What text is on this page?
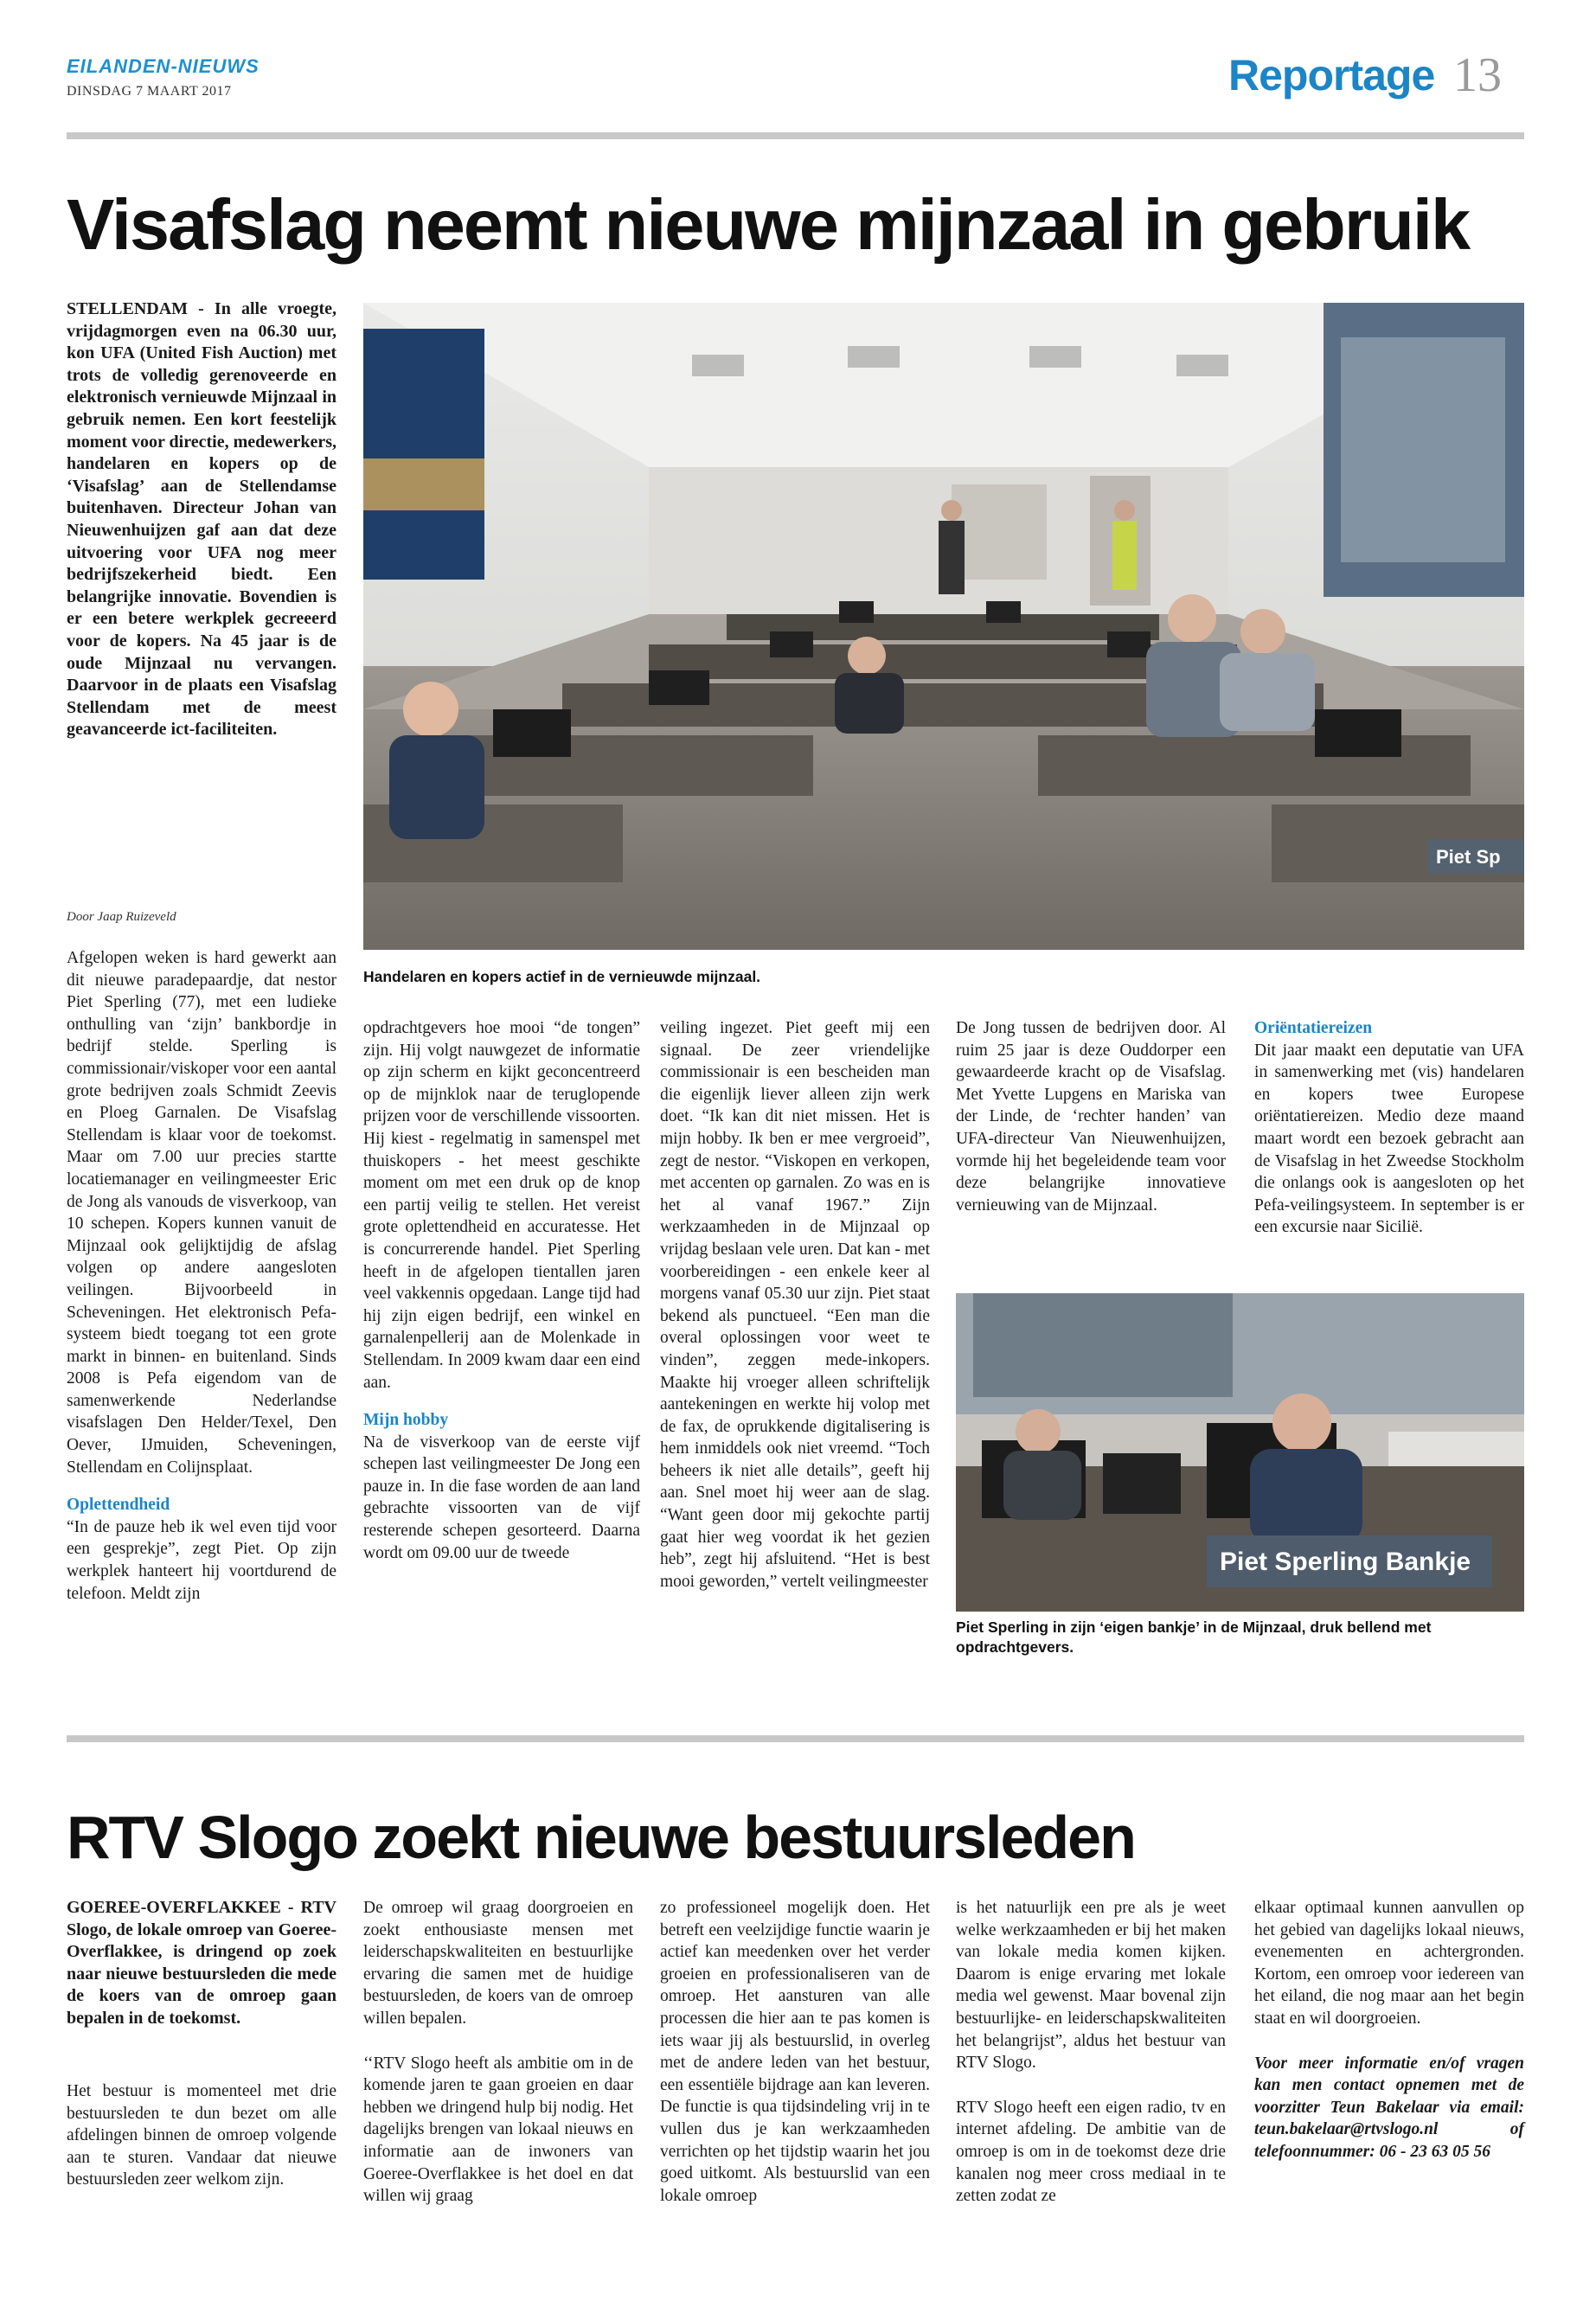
EILANDEN-NIEUWS
DINSDAG 7 MAART 2017	Reportage 13
Visafslag neemt nieuwe mijnzaal in gebruik
STELLENDAM - In alle vroegte, vrijdagmorgen even na 06.30 uur, kon UFA (United Fish Auction) met trots de volledig gerenoveerde en elektronisch vernieuwde Mijnzaal in gebruik nemen. Een kort feestelijk moment voor directie, medewerkers, handelaren en kopers op de ‘Visafslag’ aan de Stellendamse buitenhaven. Directeur Johan van Nieuwenhuijzen gaf aan dat deze uitvoering voor UFA nog meer bedrijfszekerheid biedt. Een belangrijke innovatie. Bovendien is er een betere werkplek gecreeerd voor de kopers. Na 45 jaar is de oude Mijnzaal nu vervangen. Daarvoor in de plaats een Visafslag Stellendam met de meest geavanceerde ict-faciliteiten.
Door Jaap Ruizeveld
Afgelopen weken is hard gewerkt aan dit nieuwe paradepaardje, dat nestor Piet Sperling (77), met een ludieke onthulling van ‘zijn’ bankbordje in bedrijf stelde. Sperling is commissionair/viskoper voor een aantal grote bedrijven zoals Schmidt Zeevis en Ploeg Garnalen. De Visafslag Stellendam is klaar voor de toekomst. Maar om 7.00 uur precies startte locatiemanager en veilingmeester Eric de Jong als vanouds de visverkoop, van 10 schepen. Kopers kunnen vanuit de Mijnzaal ook gelijktijdig de afslag volgen op andere aangesloten veilingen. Bijvoorbeeld in Scheveningen. Het elektronisch Pefa-systeem biedt toegang tot een grote markt in binnen- en buitenland. Sinds 2008 is Pefa eigendom van de samenwerkende Nederlandse visafslagen Den Helder/Texel, Den Oever, IJmuiden, Scheveningen, Stellendam en Colijnsplaat.
Oplettendheid
“In de pauze heb ik wel even tijd voor een gesprekje”, zegt Piet. Op zijn werkplek hanteert hij voortdurend de telefoon. Meldt zijn
Piet Sp
Handelaren en kopers actief in de vernieuwde mijnzaal.
opdrachtgevers hoe mooi “de tongen” zijn. Hij volgt nauwgezet de informatie op zijn scherm en kijkt geconcentreerd op de mijnklok naar de teruglopende prijzen voor de verschillende vissoorten. Hij kiest - regelmatig in samenspel met thuiskopers - het meest geschikte moment om met een druk op de knop een partij veilig te stellen. Het vereist grote oplettendheid en accuratesse. Het is concurrerende handel. Piet Sperling heeft in de afgelopen tientallen jaren veel vakkennis opgedaan. Lange tijd had hij zijn eigen bedrijf, een winkel en garnalenpellerij aan de Molenkade in Stellendam. In 2009 kwam daar een eind aan.
Mijn hobby
Na de visverkoop van de eerste vijf schepen last veilingmeester De Jong een pauze in. In die fase worden de aan land gebrachte vissoorten van de vijf resterende schepen gesorteerd. Daarna wordt om 09.00 uur de tweede
veiling ingezet. Piet geeft mij een signaal. De zeer vriendelijke commissionair is een bescheiden man die eigenlijk liever alleen zijn werk doet. “Ik kan dit niet missen. Het is mijn hobby. Ik ben er mee vergroeid”, zegt de nestor. “Viskopen en verkopen, met accenten op garnalen. Zo was en is het al vanaf 1967.” Zijn werkzaamheden in de Mijnzaal op vrijdag beslaan vele uren. Dat kan - met voorbereidingen - een enkele keer al morgens vanaf 05.30 uur zijn. Piet staat bekend als punctueel. “Een man die overal oplossingen voor weet te vinden”, zeggen mede-inkopers. Maakte hij vroeger alleen schriftelijk aantekeningen en werkte hij volop met de fax, de oprukkende digitalisering is hem inmiddels ook niet vreemd. “Toch beheers ik niet alle details”, geeft hij aan. Snel moet hij weer aan de slag. “Want geen door mij gekochte partij gaat hier weg voordat ik het gezien heb”, zegt hij afsluitend. “Het is best mooi geworden,” vertelt veilingmeester
De Jong tussen de bedrijven door. Al ruim 25 jaar is deze Ouddorper een gewaardeerde kracht op de Visafslag. Met Yvette Lupgens en Mariska van der Linde, de ‘rechter handen’ van UFA-directeur Van Nieuwenhuijzen, vormde hij het begeleidende team voor deze belangrijke innovatieve vernieuwing van de Mijnzaal.
Oriëntatiereizen
Dit jaar maakt een deputatie van UFA in samenwerking met (vis) handelaren en kopers twee Europese oriëntatiereizen. Medio deze maand maart wordt een bezoek gebracht aan de Visafslag in het Zweedse Stockholm die onlangs ook is aangesloten op het Pefa-veilingsysteem. In september is er een excursie naar Sicilië.
Piet Sperling Bankje
Piet Sperling in zijn ‘eigen bankje’ in de Mijnzaal, druk bellend met opdrachtgevers.
RTV Slogo zoekt nieuwe bestuursleden
GOEREE-OVERFLAKKEE - RTV Slogo, de lokale omroep van Goeree-Overflakkee, is dringend op zoek naar nieuwe bestuursleden die mede de koers van de omroep gaan bepalen in de toekomst.
Het bestuur is momenteel met drie bestuursleden te dun bezet om alle afdelingen binnen de omroep volgende aan te sturen. Vandaar dat nieuwe bestuursleden zeer welkom zijn.
De omroep wil graag doorgroeien en zoekt enthousiaste mensen met leiderschapskwaliteiten en bestuurlijke ervaring die samen met de huidige bestuursleden, de koers van de omroep willen bepalen.
‘‘RTV Slogo heeft als ambitie om in de komende jaren te gaan groeien en daar hebben we dringend hulp bij nodig. Het dagelijks brengen van lokaal nieuws en informatie aan de inwoners van Goeree-Overflakkee is het doel en dat willen wij graag
zo professioneel mogelijk doen. Het betreft een veelzijdige functie waarin je actief kan meedenken over het verder groeien en professionaliseren van de omroep. Het aansturen van alle processen die hier aan te pas komen is iets waar jij als bestuurslid, in overleg met de andere leden van het bestuur, een essentiële bijdrage aan kan leveren. De functie is qua tijdsindeling vrij in te vullen dus je kan werkzaamheden verrichten op het tijdstip waarin het jou goed uitkomt. Als bestuurslid van een lokale omroep
is het natuurlijk een pre als je weet welke werkzaamheden er bij het maken van lokale media komen kijken. Daarom is enige ervaring met lokale media wel gewenst. Maar bovenal zijn bestuurlijke- en leiderschapskwaliteiten het belangrijst”, aldus het bestuur van RTV Slogo.
RTV Slogo heeft een eigen radio, tv en internet afdeling. De ambitie van de omroep is om in de toekomst deze drie kanalen nog meer cross mediaal in te zetten zodat ze
elkaar optimaal kunnen aanvullen op het gebied van dagelijks lokaal nieuws, evenementen en achtergronden. Kortom, een omroep voor iedereen van het eiland, die nog maar aan het begin staat en wil doorgroeien.
Voor meer informatie en/of vragen kan men contact opnemen met de voorzitter Teun Bakelaar via email: teun.bakelaar@rtvslogo.nl of telefoonnummer: 06 - 23 63 05 56
